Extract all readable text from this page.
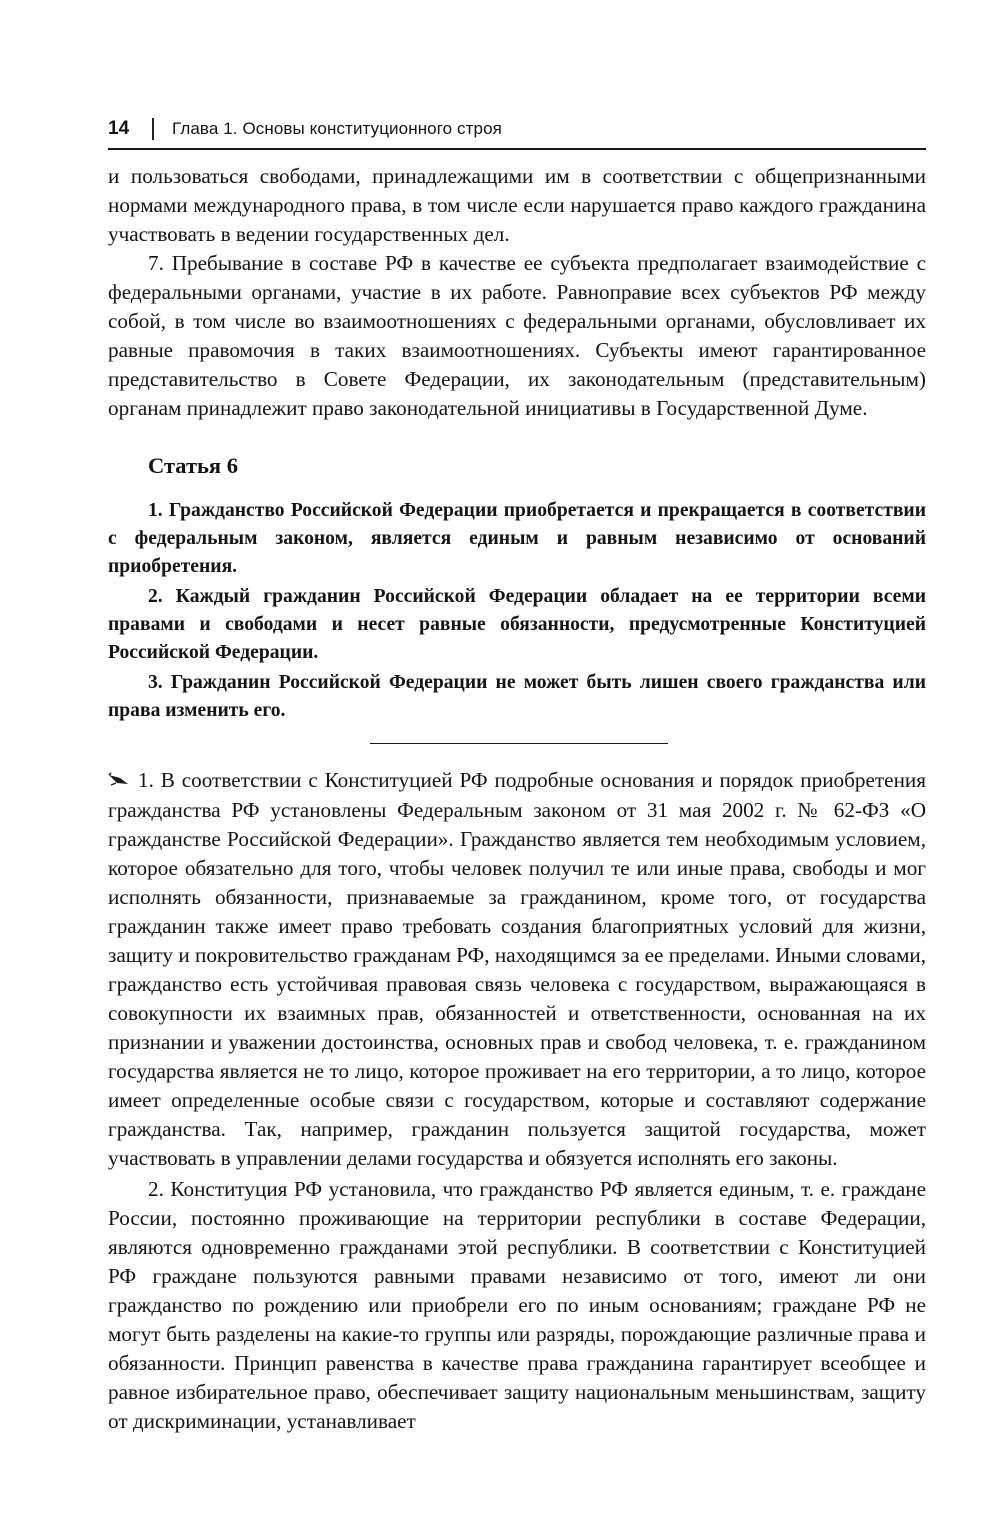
14	Глава 1. Основы конституционного строя

и пользоваться свободами, принадлежащими им в соответствии с общепризнанными нормами международного права, в том числе если нарушается право каждого гражданина участвовать в ведении государственных дел.

7. Пребывание в составе РФ в качестве ее субъекта предполагает взаимодействие с федеральными органами, участие в их работе. Равноправие всех субъектов РФ между собой, в том числе во взаимоотношениях с федеральными органами, обусловливает их равные правомочия в таких взаимоотношениях. Субъекты имеют гарантированное представительство в Совете Федерации, их законодательным (представительным) органам принадлежит право законодательной инициативы в Государственной Думе.

Статья 6

1. Гражданство Российской Федерации приобретается и прекращается в соответствии с федеральным законом, является единым и равным независимо от оснований приобретения.

2. Каждый гражданин Российской Федерации обладает на ее территории всеми правами и свободами и несет равные обязанности, предусмотренные Конституцией Российской Федерации.

3. Гражданин Российской Федерации не может быть лишен своего гражданства или права изменить его.

1. В соответствии с Конституцией РФ подробные основания и порядок приобретения гражданства РФ установлены Федеральным законом от 31 мая 2002 г. № 62-ФЗ «О гражданстве Российской Федерации». Гражданство является тем необходимым условием, которое обязательно для того, чтобы человек получил те или иные права, свободы и мог исполнять обязанности, признаваемые за гражданином, кроме того, от государства гражданин также имеет право требовать создания благоприятных условий для жизни, защиту и покровительство гражданам РФ, находящимся за ее пределами. Иными словами, гражданство есть устойчивая правовая связь человека с государством, выражающаяся в совокупности их взаимных прав, обязанностей и ответственности, основанная на их признании и уважении достоинства, основных прав и свобод человека, т. е. гражданином государства является не то лицо, которое проживает на его территории, а то лицо, которое имеет определенные особые связи с государством, которые и составляют содержание гражданства. Так, например, гражданин пользуется защитой государства, может участвовать в управлении делами государства и обязуется исполнять его законы.

2. Конституция РФ установила, что гражданство РФ является единым, т. е. граждане России, постоянно проживающие на территории республики в составе Федерации, являются одновременно гражданами этой республики. В соответствии с Конституцией РФ граждане пользуются равными правами независимо от того, имеют ли они гражданство по рождению или приобрели его по иным основаниям; граждане РФ не могут быть разделены на какие-то группы или разряды, порождающие различные права и обязанности. Принцип равенства в качестве права гражданина гарантирует всеобщее и равное избирательное право, обеспечивает защиту национальным меньшинствам, защиту от дискриминации, устанавливает
